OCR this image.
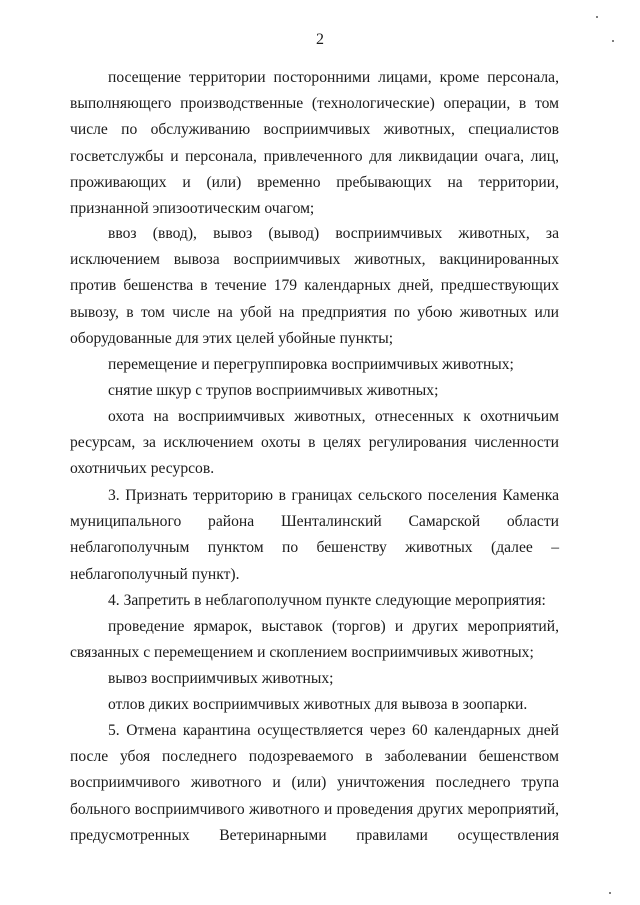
2

посещение территории посторонними лицами, кроме персонала, выполняющего производственные (технологические) операции, в том числе по обслуживанию восприимчивых животных, специалистов госветслужбы и персонала, привлеченного для ликвидации очага, лиц, проживающих и (или) временно пребывающих на территории, признанной эпизоотическим очагом;

ввоз (ввод), вывоз (вывод) восприимчивых животных, за исключением вывоза восприимчивых животных, вакцинированных против бешенства в течение 179 календарных дней, предшествующих вывозу, в том числе на убой на предприятия по убою животных или оборудованные для этих целей убойные пункты;

перемещение и перегруппировка восприимчивых животных;

снятие шкур с трупов восприимчивых животных;

охота на восприимчивых животных, отнесенных к охотничьим ресурсам, за исключением охоты в целях регулирования численности охотничьих ресурсов.

3. Признать территорию в границах сельского поселения Каменка муниципального района Шенталинский Самарской области неблагополучным пунктом по бешенству животных (далее – неблагополучный пункт).

4. Запретить в неблагополучном пункте следующие мероприятия:

проведение ярмарок, выставок (торгов) и других мероприятий, связанных с перемещением и скоплением восприимчивых животных;

вывоз восприимчивых животных;

отлов диких восприимчивых животных для вывоза в зоопарки.

5. Отмена карантина осуществляется через 60 календарных дней после убоя последнего подозреваемого в заболевании бешенством восприимчивого животного и (или) уничтожения последнего трупа больного восприимчивого животного и проведения других мероприятий, предусмотренных Ветеринарными правилами осуществления
